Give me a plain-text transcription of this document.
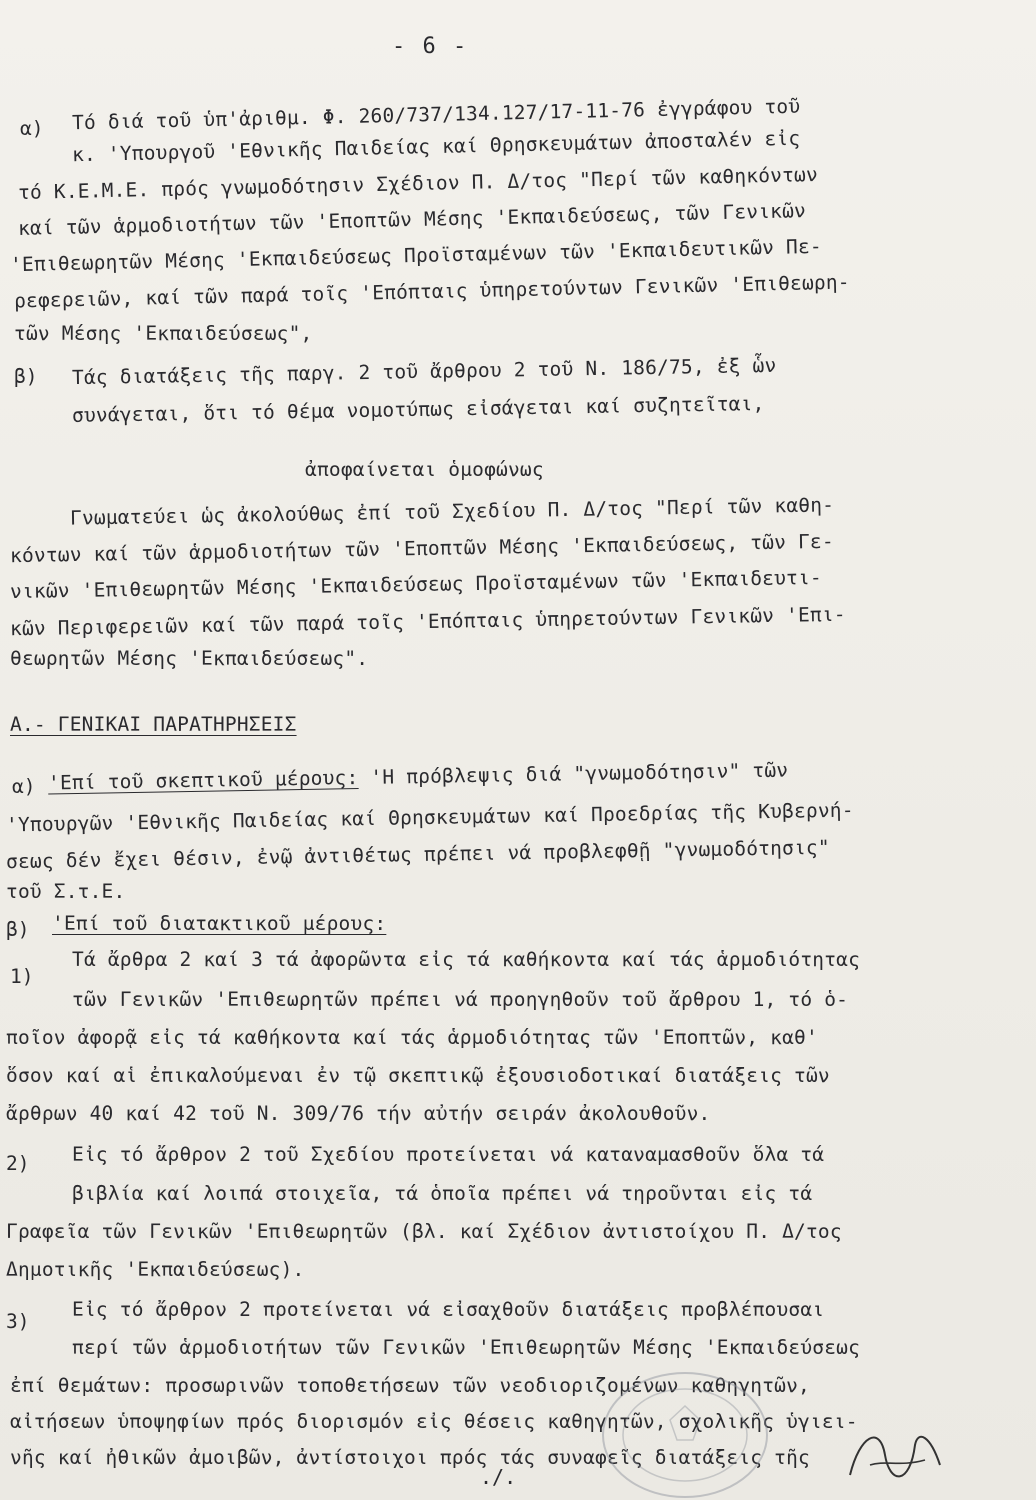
- 6 -
α) Τό διά τοῦ ὑπ'ἀριθμ. Φ. 260/737/134.127/17-11-76 ἐγγράφου τοῦ
κ. 'Υπουργοῦ 'Εθνικῆς Παιδείας καί Θρησκευμάτων ἀποσταλέν εἰς
τό Κ.Ε.Μ.Ε. πρός γνωμοδότησιν Σχέδιον Π. Δ/τος "Περί τῶν καθηκόντων
καί τῶν ἁρμοδιοτήτων τῶν 'Εποπτῶν Μέσης 'Εκπαιδεύσεως, τῶν Γενικῶν
'Επιθεωρητῶν Μέσης 'Εκπαιδεύσεως Προϊσταμένων τῶν 'Εκπαιδευτικῶν Πε-
ρεφερειῶν, καί τῶν παρά τοῖς 'Επόπταις ὑπηρετούντων Γενικῶν 'Επιθεωρη-
τῶν Μέσης 'Εκπαιδεύσεως",
β) Τάς διατάξεις τῆς παργ. 2 τοῦ ἄρθρου 2 τοῦ Ν. 186/75, ἐξ ὧν
συνάγεται, ὅτι τό θέμα νομοτύπως εἰσάγεται καί συζητεῖται,
ἀποφαίνεται ὁμοφώνως
Γνωματεύει ὡς ἀκολούθως ἐπί τοῦ Σχεδίου Π. Δ/τος "Περί τῶν καθη-
κόντων καί τῶν ἁρμοδιοτήτων τῶν 'Εποπτῶν Μέσης 'Εκπαιδεύσεως, τῶν Γε-
νικῶν 'Επιθεωρητῶν Μέσης 'Εκπαιδεύσεως Προϊσταμένων τῶν 'Εκπαιδευτι-
κῶν Περιφερειῶν καί τῶν παρά τοῖς 'Επόπταις ὑπηρετούντων Γενικῶν 'Επι-
θεωρητῶν Μέσης 'Εκπαιδεύσεως".
Α.- ΓΕΝΙΚΑΙ ΠΑΡΑΤΗΡΗΣΕΙΣ
α) 'Επί τοῦ σκεπτικοῦ μέρους: 'Η πρόβλεψις διά "γνωμοδότησιν" τῶν
'Υπουργῶν 'Εθνικῆς Παιδείας καί Θρησκευμάτων καί Προεδρίας τῆς Κυβερνή-
σεως δέν ἔχει θέσιν, ἐνῷ ἀντιθέτως πρέπει νά προβλεφθῇ "γνωμοδότησις"
τοῦ Σ.τ.Ε.
β) 'Επί τοῦ διατακτικοῦ μέρους:
1)
Τά ἄρθρα 2 καί 3 τά ἀφορῶντα εἰς τά καθήκοντα καί τάς ἁρμοδιότητας
τῶν Γενικῶν 'Επιθεωρητῶν πρέπει νά προηγηθοῦν τοῦ ἄρθρου 1, τό ὁ-
ποῖον ἀφορᾷ εἰς τά καθήκοντα καί τάς ἁρμοδιότητας τῶν 'Εποπτῶν, καθ'
ὅσον καί αἱ ἐπικαλούμεναι ἐν τῷ σκεπτικῷ ἐξουσιοδοτικαί διατάξεις τῶν
ἄρθρων 40 καί 42 τοῦ Ν. 309/76 τήν αὐτήν σειράν ἀκολουθοῦν.
2) Εἰς τό ἄρθρον 2 τοῦ Σχεδίου προτείνεται νά καταναμασθοῦν ὅλα τά
βιβλία καί λοιπά στοιχεῖα, τά ὁποῖα πρέπει νά τηροῦνται εἰς τά
Γραφεῖα τῶν Γενικῶν 'Επιθεωρητῶν (βλ. καί Σχέδιον ἀντιστοίχου Π. Δ/τος
Δημοτικῆς 'Εκπαιδεύσεως).
3)
Εἰς τό ἄρθρον 2 προτείνεται νά εἰσαχθοῦν διατάξεις προβλέπουσαι
περί τῶν ἁρμοδιοτήτων τῶν Γενικῶν 'Επιθεωρητῶν Μέσης 'Εκπαιδεύσεως
ἐπί θεμάτων: προσωρινῶν τοποθετήσεων τῶν νεοδιοριζομένων καθηγητῶν,
αἰτήσεων ὑποψηφίων πρός διορισμόν εἰς θέσεις καθηγητῶν, σχολικῆς ὑγιει-
νῆς καί ἠθικῶν ἀμοιβῶν, ἀντίστοιχοι πρός τάς συναφεῖς διατάξεις τῆς
./.
